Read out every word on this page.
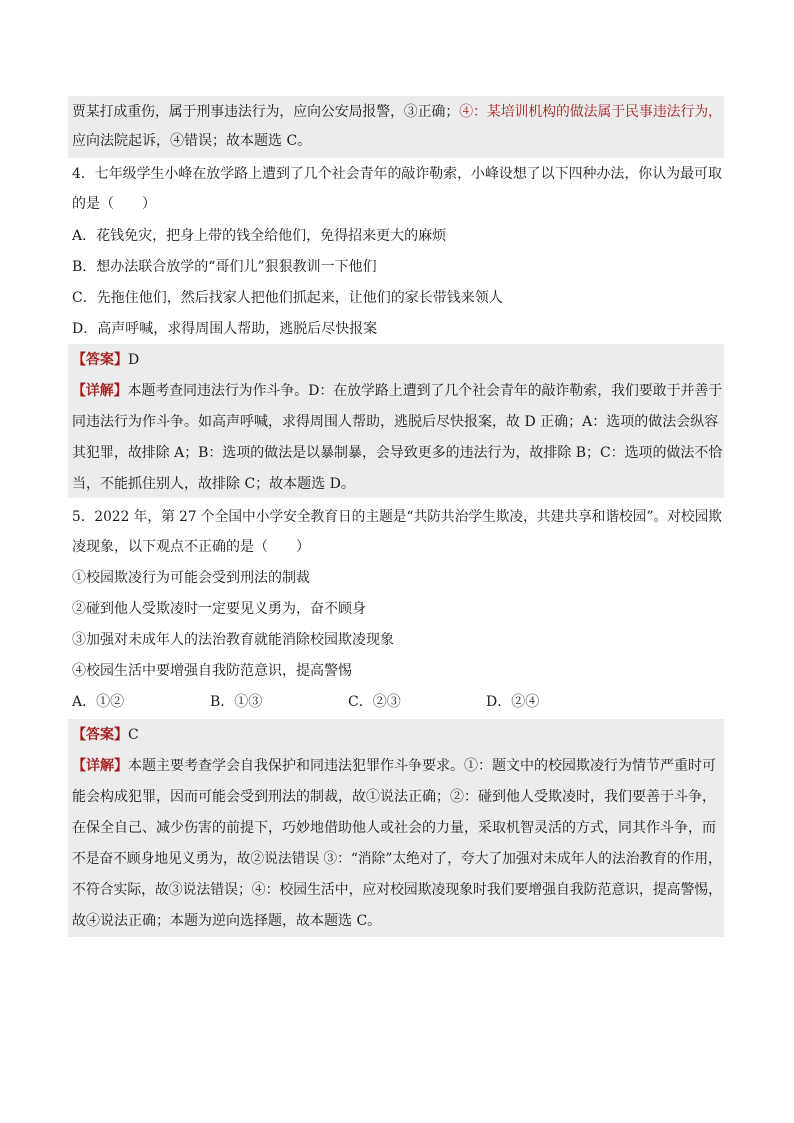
贾某打成重伤，属于刑事违法行为，应向公安局报警，③正确；④：某培训机构的做法属于民事违法行为，
应向法院起诉，④错误；故本题选 C。
4．七年级学生小峰在放学路上遭到了几个社会青年的敲诈勒索，小峰设想了以下四种办法，你认为最可取
的是（　　）
A．花钱免灾，把身上带的钱全给他们，免得招来更大的麻烦
B．想办法联合放学的“哥们儿”狠狠教训一下他们
C．先拖住他们，然后找家人把他们抓起来，让他们的家长带钱来领人
D．高声呼喊，求得周围人帮助，逃脱后尽快报案
【答案】D
【详解】本题考查同违法行为作斗争。D：在放学路上遭到了几个社会青年的敲诈勒索，我们要敢于并善于
同违法行为作斗争。如高声呼喊，求得周围人帮助，逃脱后尽快报案，故 D 正确；A：选项的做法会纵容
其犯罪，故排除 A；B：选项的做法是以暴制暴，会导致更多的违法行为，故排除 B；C：选项的做法不恰
当，不能抓住别人，故排除 C；故本题选 D。
5．2022 年，第 27 个全国中小学安全教育日的主题是“共防共治学生欺凌，共建共享和谐校园”。对校园欺
凌现象，以下观点不正确的是（　　）
①校园欺凌行为可能会受到刑法的制裁
②碰到他人受欺凌时一定要见义勇为，奋不顾身
③加强对未成年人的法治教育就能消除校园欺凌现象
④校园生活中要增强自我防范意识，提高警惕
A．①②	B．①③	C．②③	D．②④
【答案】C
【详解】本题主要考查学会自我保护和同违法犯罪作斗争要求。①：题文中的校园欺凌行为情节严重时可
能会构成犯罪，因而可能会受到刑法的制裁，故①说法正确；②：碰到他人受欺凌时，我们要善于斗争，
在保全自己、减少伤害的前提下，巧妙地借助他人或社会的力量，采取机智灵活的方式，同其作斗争，而
不是奋不顾身地见义勇为，故②说法错误 ③：“消除”太绝对了，夸大了加强对未成年人的法治教育的作用，
不符合实际，故③说法错误；④：校园生活中，应对校园欺凌现象时我们要增强自我防范意识，提高警惕，
故④说法正确；本题为逆向选择题，故本题选 C。
